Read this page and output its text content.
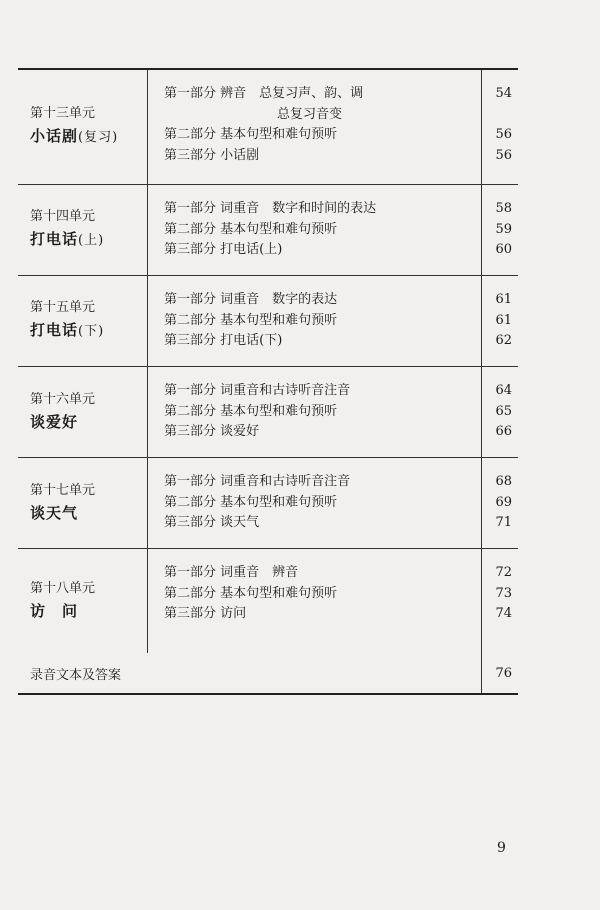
第十三单元
小话剧(复习)
第一部分 辨音　总复习声、韵、调
总复习音变
第二部分 基本句型和难句预听
第三部分 小话剧
54

56
56
第十四单元
打电话(上)
第一部分 词重音　数字和时间的表达
第二部分 基本句型和难句预听
第三部分 打电话(上)
58
59
60
第十五单元
打电话(下)
第一部分 词重音　数字的表达
第二部分 基本句型和难句预听
第三部分 打电话(下)
61
61
62
第十六单元
谈爱好
第一部分 词重音和古诗听音注音
第二部分 基本句型和难句预听
第三部分 谈爱好
64
65
66
第十七单元
谈天气
第一部分 词重音和古诗听音注音
第二部分 基本句型和难句预听
第三部分 谈天气
68
69
71
第十八单元
访　问
第一部分 词重音　辨音
第二部分 基本句型和难句预听
第三部分 访问
72
73
74
录音文本及答案	76
9
